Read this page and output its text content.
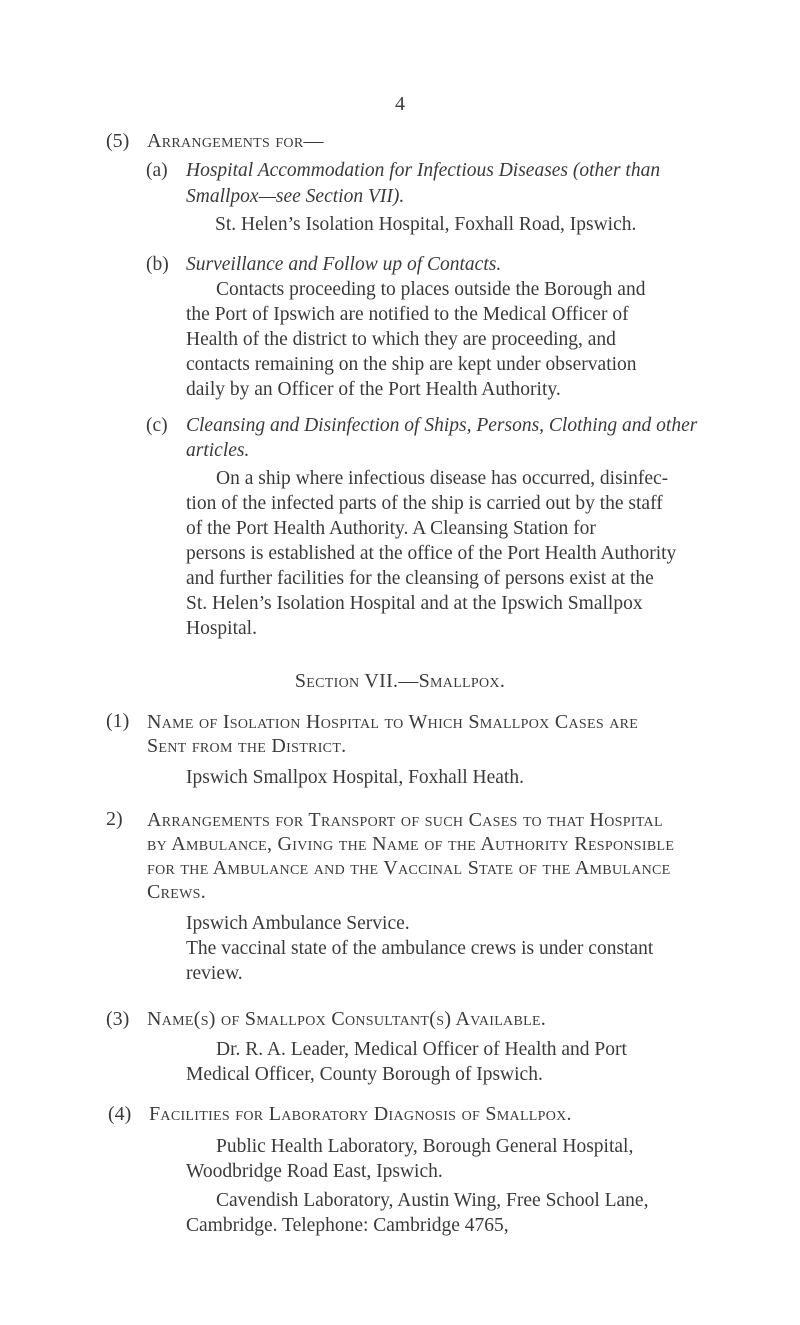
4
(5) Arrangements for—
(a) Hospital Accommodation for Infectious Diseases (other than
Smallpox—see Section VII).
St. Helen’s Isolation Hospital, Foxhall Road, Ipswich.
(b) Surveillance and Follow up of Contacts.
Contacts proceeding to places outside the Borough and
the Port of Ipswich are notified to the Medical Officer of
Health of the district to which they are proceeding, and
contacts remaining on the ship are kept under observation
daily by an Officer of the Port Health Authority.
(c) Cleansing and Disinfection of Ships, Persons, Clothing and other
articles.
On a ship where infectious disease has occurred, disinfec-
tion of the infected parts of the ship is carried out by the staff
of the Port Health Authority. A Cleansing Station for
persons is established at the office of the Port Health Authority
and further facilities for the cleansing of persons exist at the
St. Helen’s Isolation Hospital and at the Ipswich Smallpox
Hospital.
Section VII.—Smallpox.
(1) Name of Isolation Hospital to Which Smallpox Cases are
Sent from the District.
Ipswich Smallpox Hospital, Foxhall Heath.
2) Arrangements for Transport of such Cases to that Hospital
by Ambulance, Giving the Name of the Authority Responsible
for the Ambulance and the Vaccinal State of the Ambulance
Crews.
Ipswich Ambulance Service.
The vaccinal state of the ambulance crews is under constant
review.
(3) Name(s) of Smallpox Consultant(s) Available.
Dr. R. A. Leader, Medical Officer of Health and Port
Medical Officer, County Borough of Ipswich.
(4) Facilities for Laboratory Diagnosis of Smallpox.
Public Health Laboratory, Borough General Hospital,
Woodbridge Road East, Ipswich.
Cavendish Laboratory, Austin Wing, Free School Lane,
Cambridge. Telephone: Cambridge 4765,
